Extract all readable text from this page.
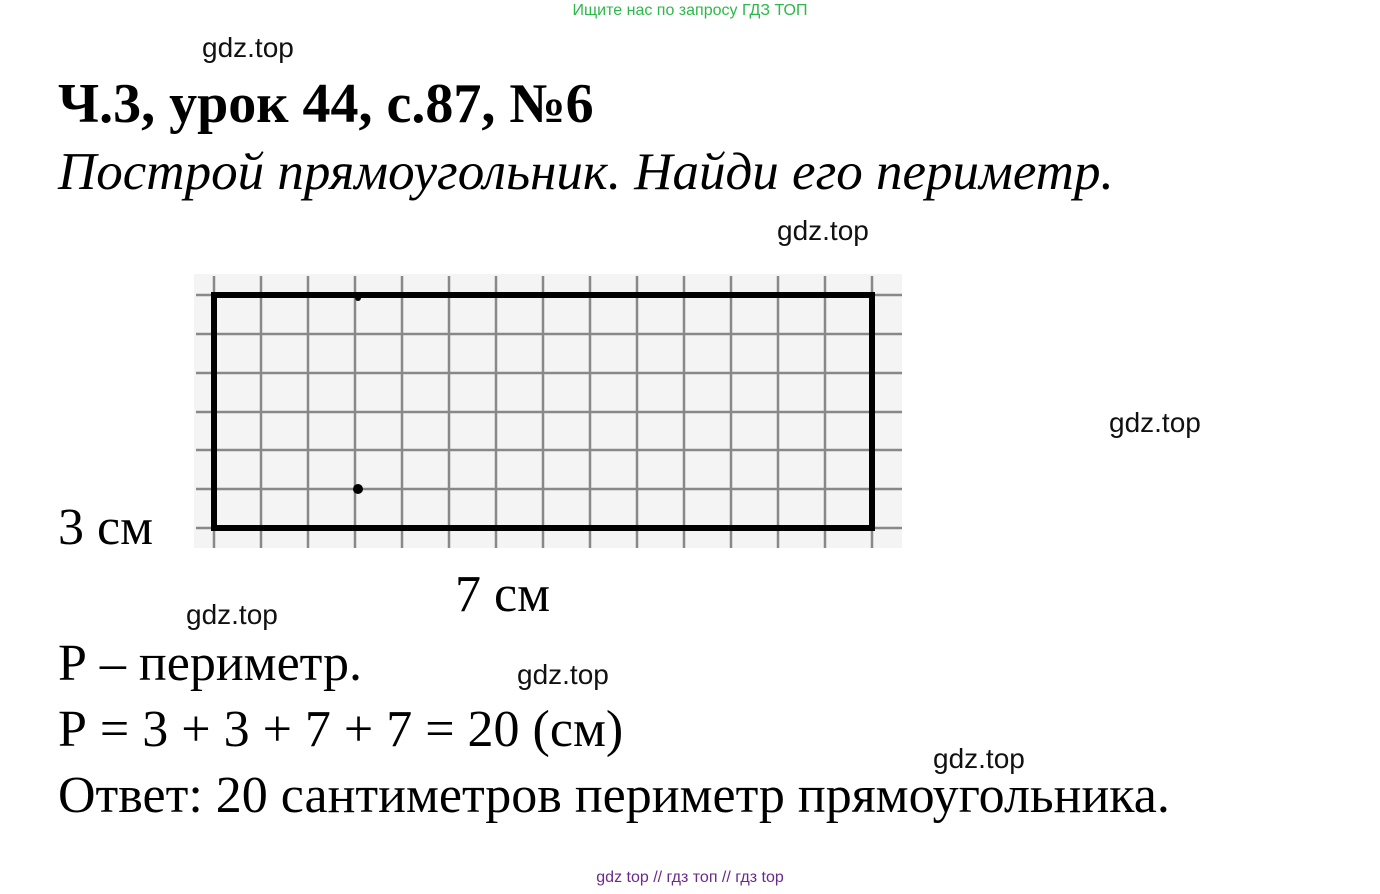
Ищите нас по запросу ГДЗ ТОП
gdz.top
Ч.3, урок 44, с.87, №6
Построй прямоугольник. Найди его периметр.
gdz.top
3 см
7 см
gdz.top
gdz.top
Р – периметр.	gdz.top
Р = 3 + 3 + 7 + 7 = 20 (см)
gdz.top
Ответ: 20 сантиметров периметр прямоугольника.
gdz top // гдз топ // гдз top
